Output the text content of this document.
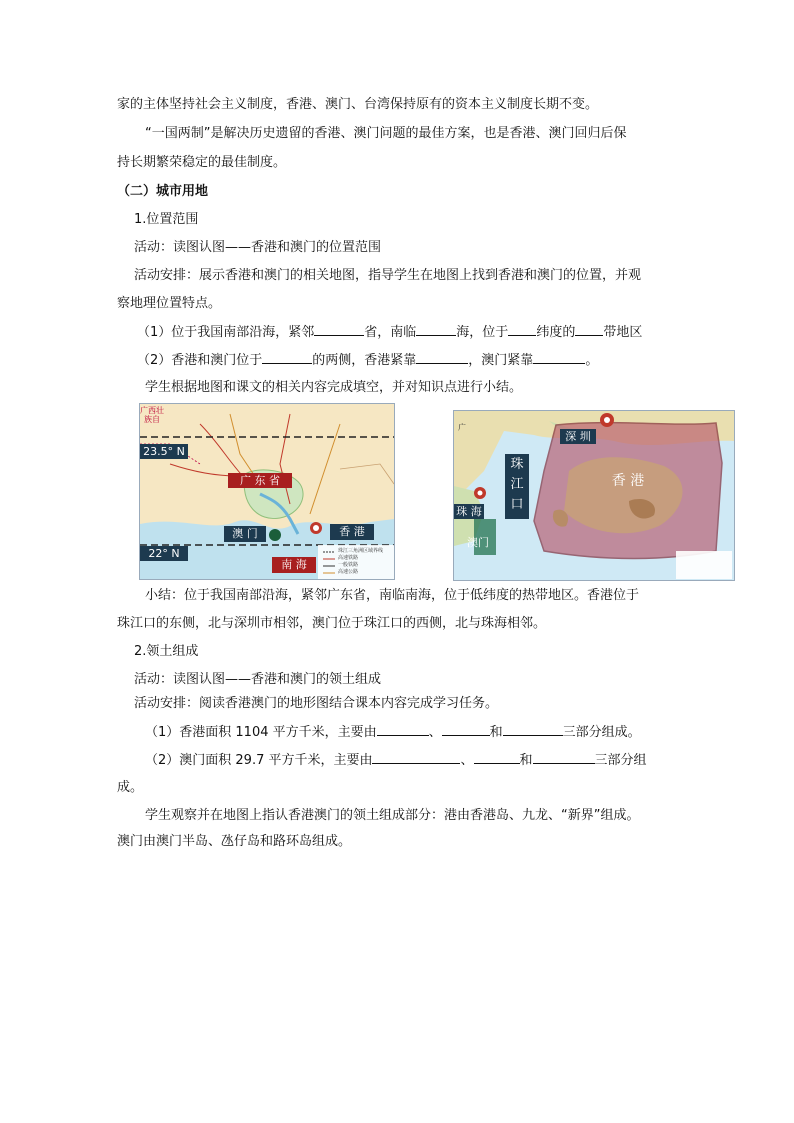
家的主体坚持社会主义制度，香港、澳门、台湾保持原有的资本主义制度长期不变。
“一国两制”是解决历史遗留的香港、澳门问题的最佳方案，也是香港、澳门回归后保
持长期繁荣稳定的最佳制度。
（二）城市用地
1.位置范围
活动：读图认图——香港和澳门的位置范围
活动安排：展示香港和澳门的相关地图，指导学生在地图上找到香港和澳门的位置，并观
察地理位置特点。
（1）位于我国南部沿海，紧邻	省，南临	海，位于 纬度的 带地区
（2）香港和澳门位于	的两侧，香港紧靠	，澳门紧靠	。
学生根据地图和课文的相关内容完成填空，并对知识点进行小结。
广西壮族自
23.5° N
22° N
广 东 省
澳 门	香 港
南 海
珠江三角洲区域界线
高速铁路
一般铁路
高速公路
广
深 圳
珠江口
珠 海
澳门
香 港
小结：位于我国南部沿海，紧邻广东省，南临南海，位于低纬度的热带地区。香港位于
珠江口的东侧，北与深圳市相邻，澳门位于珠江口的西侧，北与珠海相邻。
2.领土组成
活动：读图认图——香港和澳门的领土组成
活动安排：阅读香港澳门的地形图结合课本内容完成学习任务。
（1）香港面积 1104 平方千米，主要由	、	和	三部分组成。
（2）澳门面积 29.7 平方千米，主要由	、	和	三部分组
成。
学生观察并在地图上指认香港澳门的领土组成部分：港由香港岛、九龙、“新界”组成。
澳门由澳门半岛、氹仔岛和路环岛组成。
